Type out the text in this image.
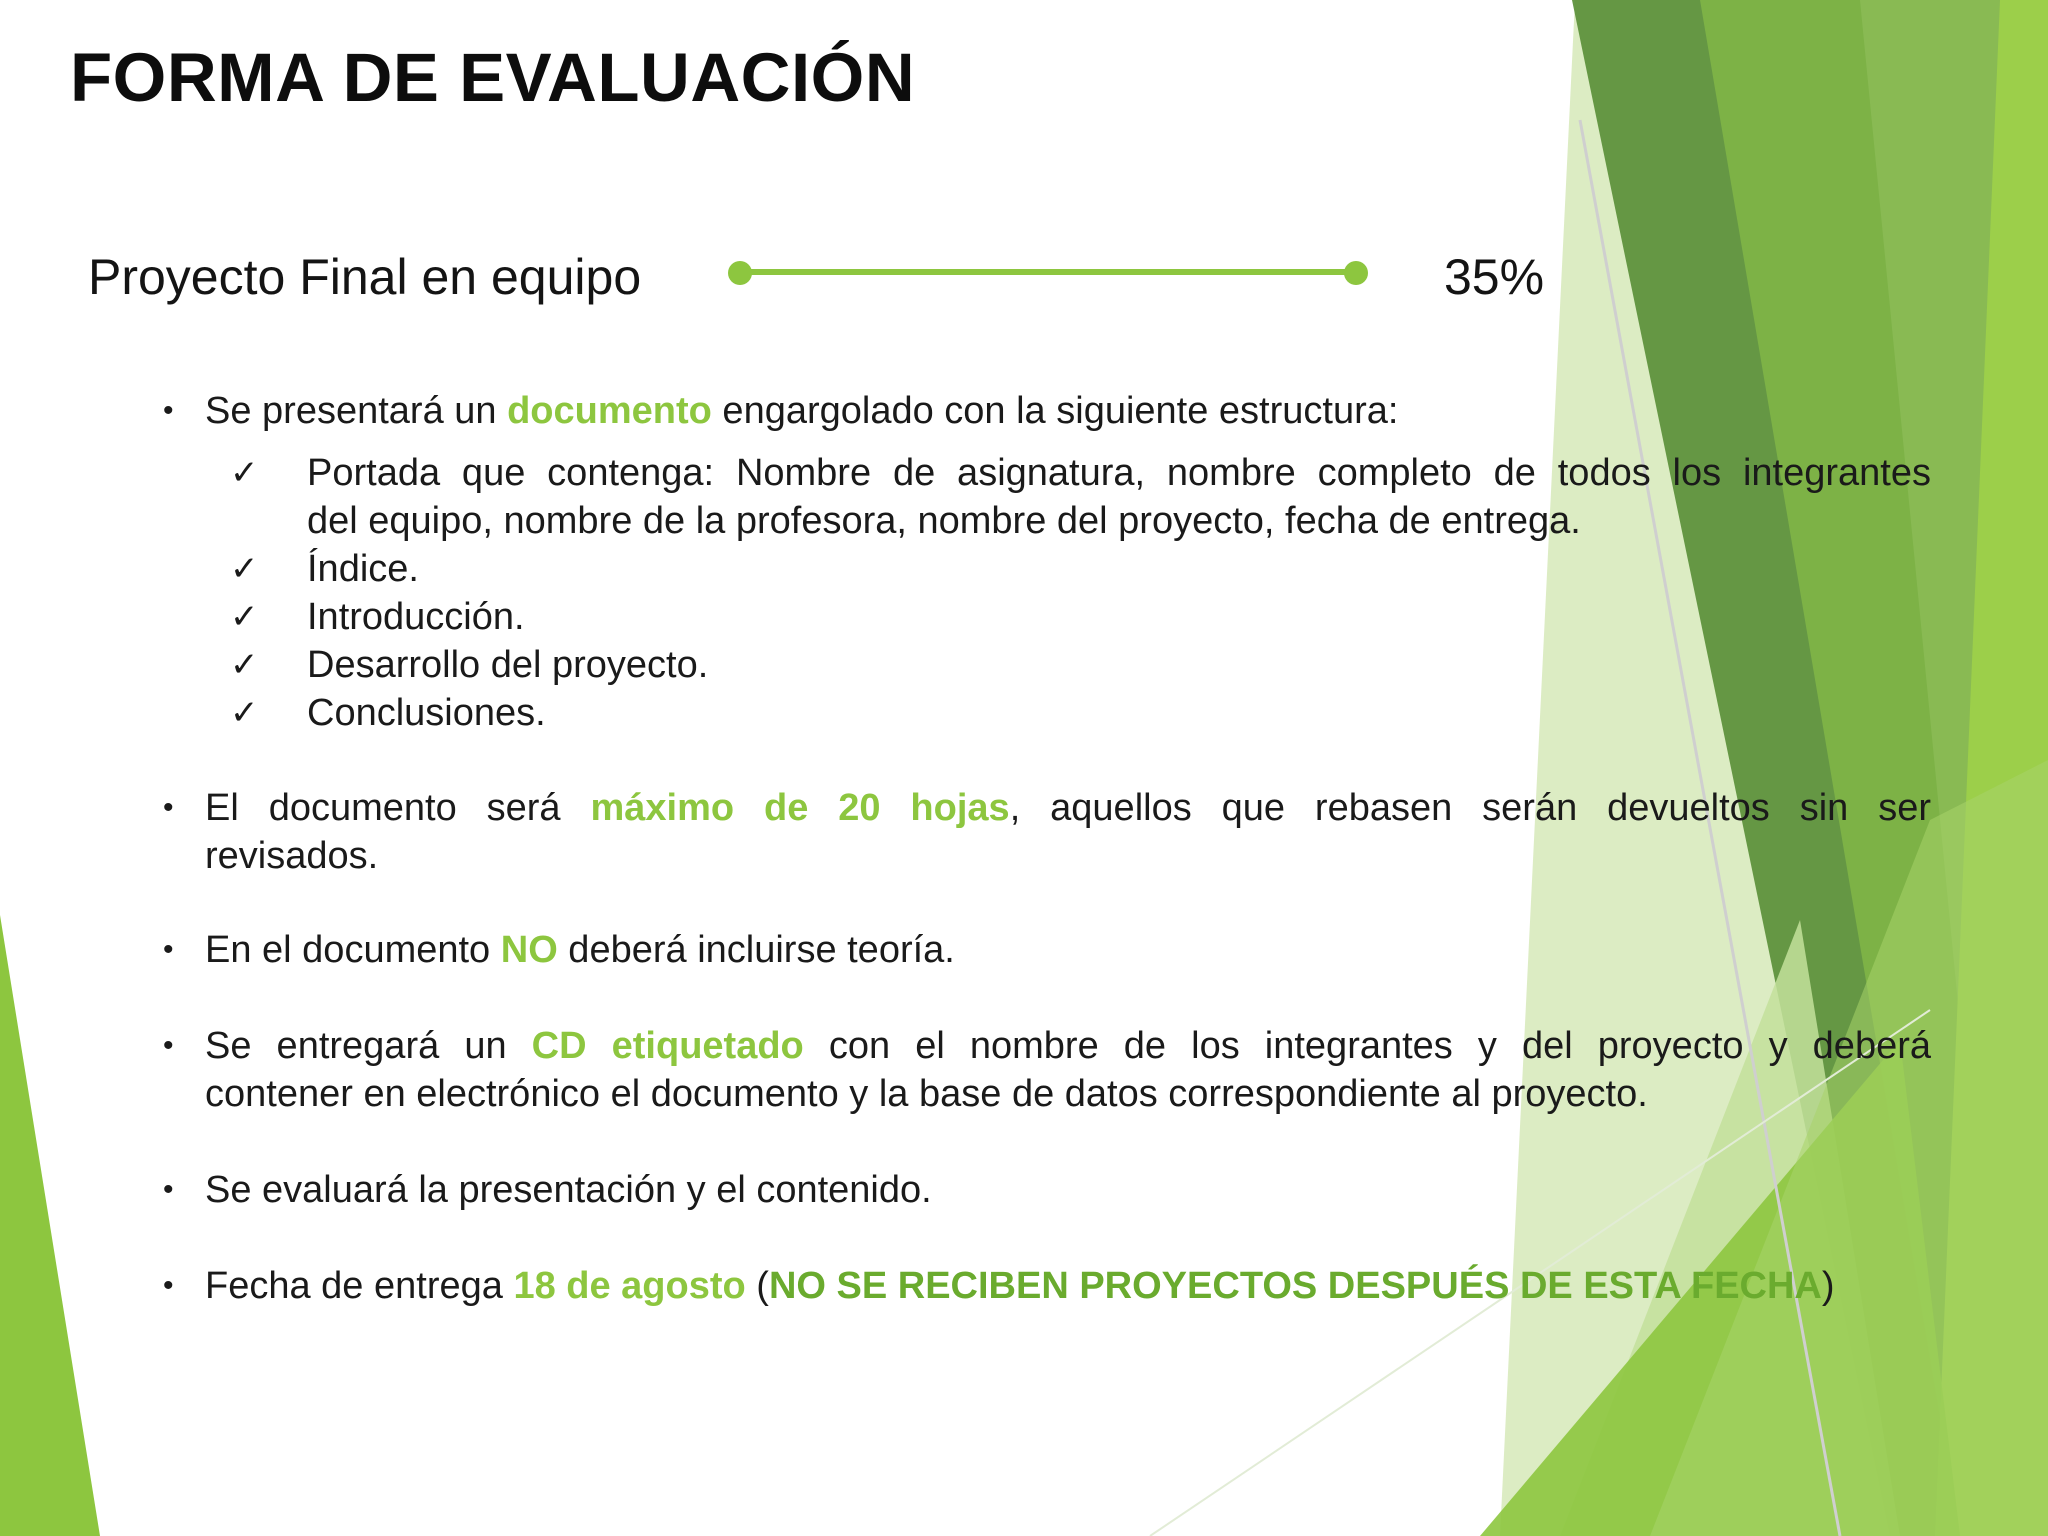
FORMA DE EVALUACIÓN
Proyecto Final en equipo	35%
• Se presentará un documento engargolado con la siguiente estructura:
✓ Portada que contenga: Nombre de asignatura, nombre completo de todos los integrantes
del equipo, nombre de la profesora, nombre del proyecto, fecha de entrega.
✓ Índice.
✓ Introducción.
✓ Desarrollo del proyecto.
✓ Conclusiones.
• El documento será máximo de 20 hojas, aquellos que rebasen serán devueltos sin ser
revisados.
• En el documento NO deberá incluirse teoría.
• Se entregará un CD etiquetado con el nombre de los integrantes y del proyecto y deberá
contener en electrónico el documento y la base de datos correspondiente al proyecto.
• Se evaluará la presentación y el contenido.
• Fecha de entrega 18 de agosto (NO SE RECIBEN PROYECTOS DESPUÉS DE ESTA FECHA)
